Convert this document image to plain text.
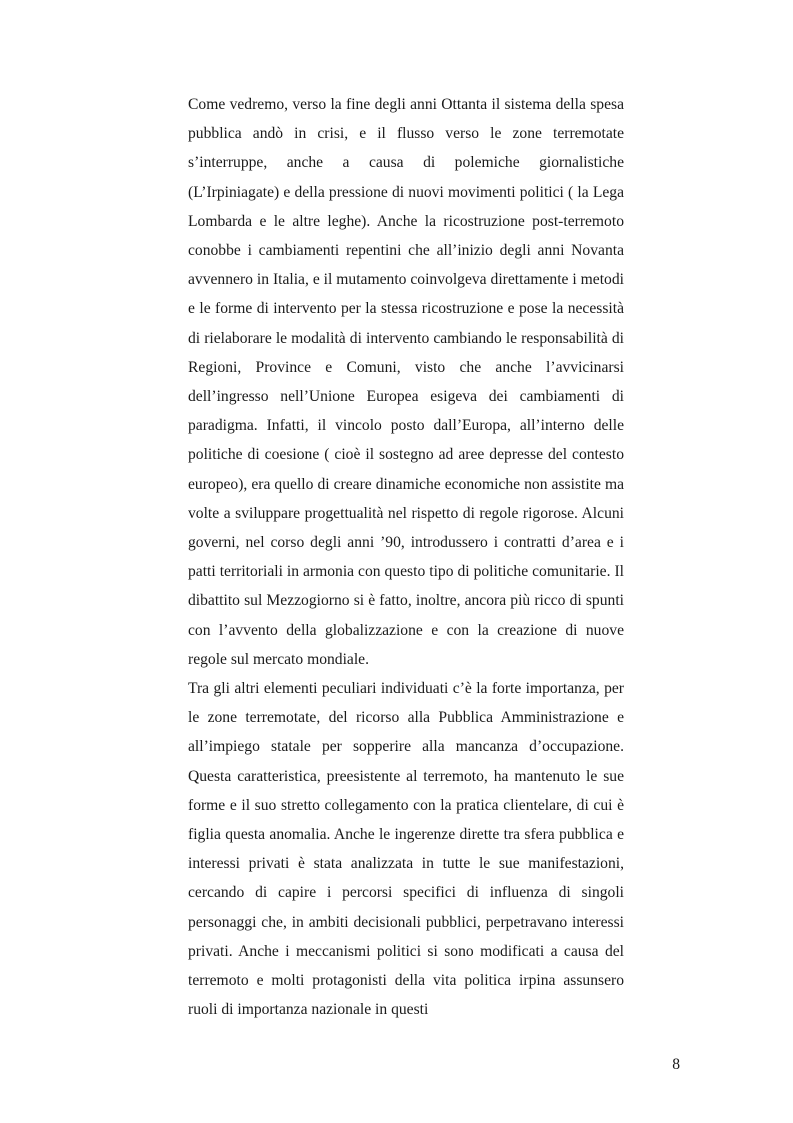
Come vedremo, verso la fine degli anni Ottanta il sistema della spesa pubblica andò in crisi, e il flusso verso le zone terremotate s’interruppe, anche a causa di polemiche giornalistiche (L’Irpiniagate) e della pressione di nuovi movimenti politici ( la Lega Lombarda e le altre leghe). Anche la ricostruzione post-terremoto conobbe i cambiamenti repentini che all’inizio degli anni Novanta avvennero in Italia, e il mutamento coinvolgeva direttamente i metodi e le forme di intervento per la stessa ricostruzione e pose la necessità di rielaborare le modalità di intervento cambiando le responsabilità di Regioni, Province e Comuni, visto che anche l’avvicinarsi dell’ingresso nell’Unione Europea esigeva dei cambiamenti di paradigma. Infatti, il vincolo posto dall’Europa, all’interno delle politiche di coesione ( cioè il sostegno ad aree depresse del contesto europeo), era quello di creare dinamiche economiche non assistite ma volte a sviluppare progettualità nel rispetto di regole rigorose. Alcuni governi, nel corso degli anni ’90, introdussero i contratti d’area e i patti territoriali in armonia con questo tipo di politiche comunitarie. Il dibattito sul Mezzogiorno si è fatto, inoltre, ancora più ricco di spunti con l’avvento della globalizzazione e con la creazione di nuove regole sul mercato mondiale.

Tra gli altri elementi peculiari individuati c’è la forte importanza, per le zone terremotate, del ricorso alla Pubblica Amministrazione e all’impiego statale per sopperire alla mancanza d’occupazione. Questa caratteristica, preesistente al terremoto, ha mantenuto le sue forme e il suo stretto collegamento con la pratica clientelare, di cui è figlia questa anomalia. Anche le ingerenze dirette tra sfera pubblica e interessi privati è stata analizzata in tutte le sue manifestazioni, cercando di capire i percorsi specifici di influenza di singoli personaggi che, in ambiti decisionali pubblici, perpetravano interessi privati. Anche i meccanismi politici si sono modificati a causa del terremoto e molti protagonisti della vita politica irpina assunsero ruoli di importanza nazionale in questi

8
